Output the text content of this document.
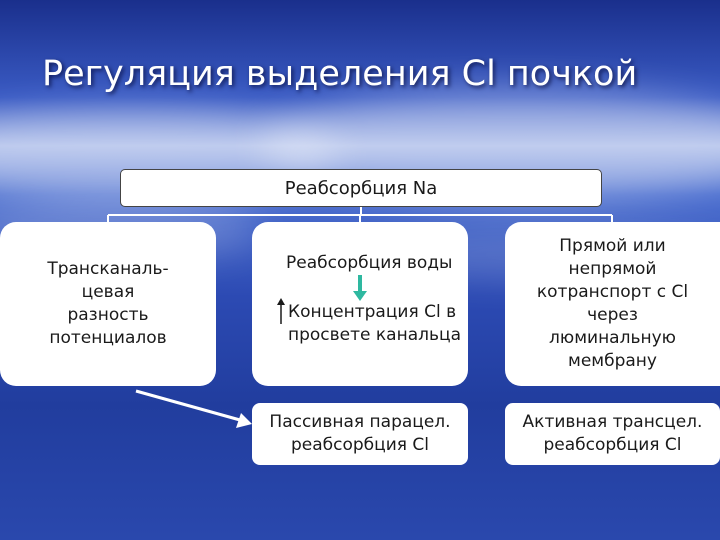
Регуляция выделения Cl почкой
Реабсорбция Na
Трансканаль-
цевая
разность
потенциалов
Реабсорбция воды
Концентрация Cl в
просвете канальца
Прямой или
непрямой
котранспорт с Cl
через
люминальную
мембрану
Пассивная парацел.
реабсорбция Cl
Активная трансцел.
реабсорбция Cl
